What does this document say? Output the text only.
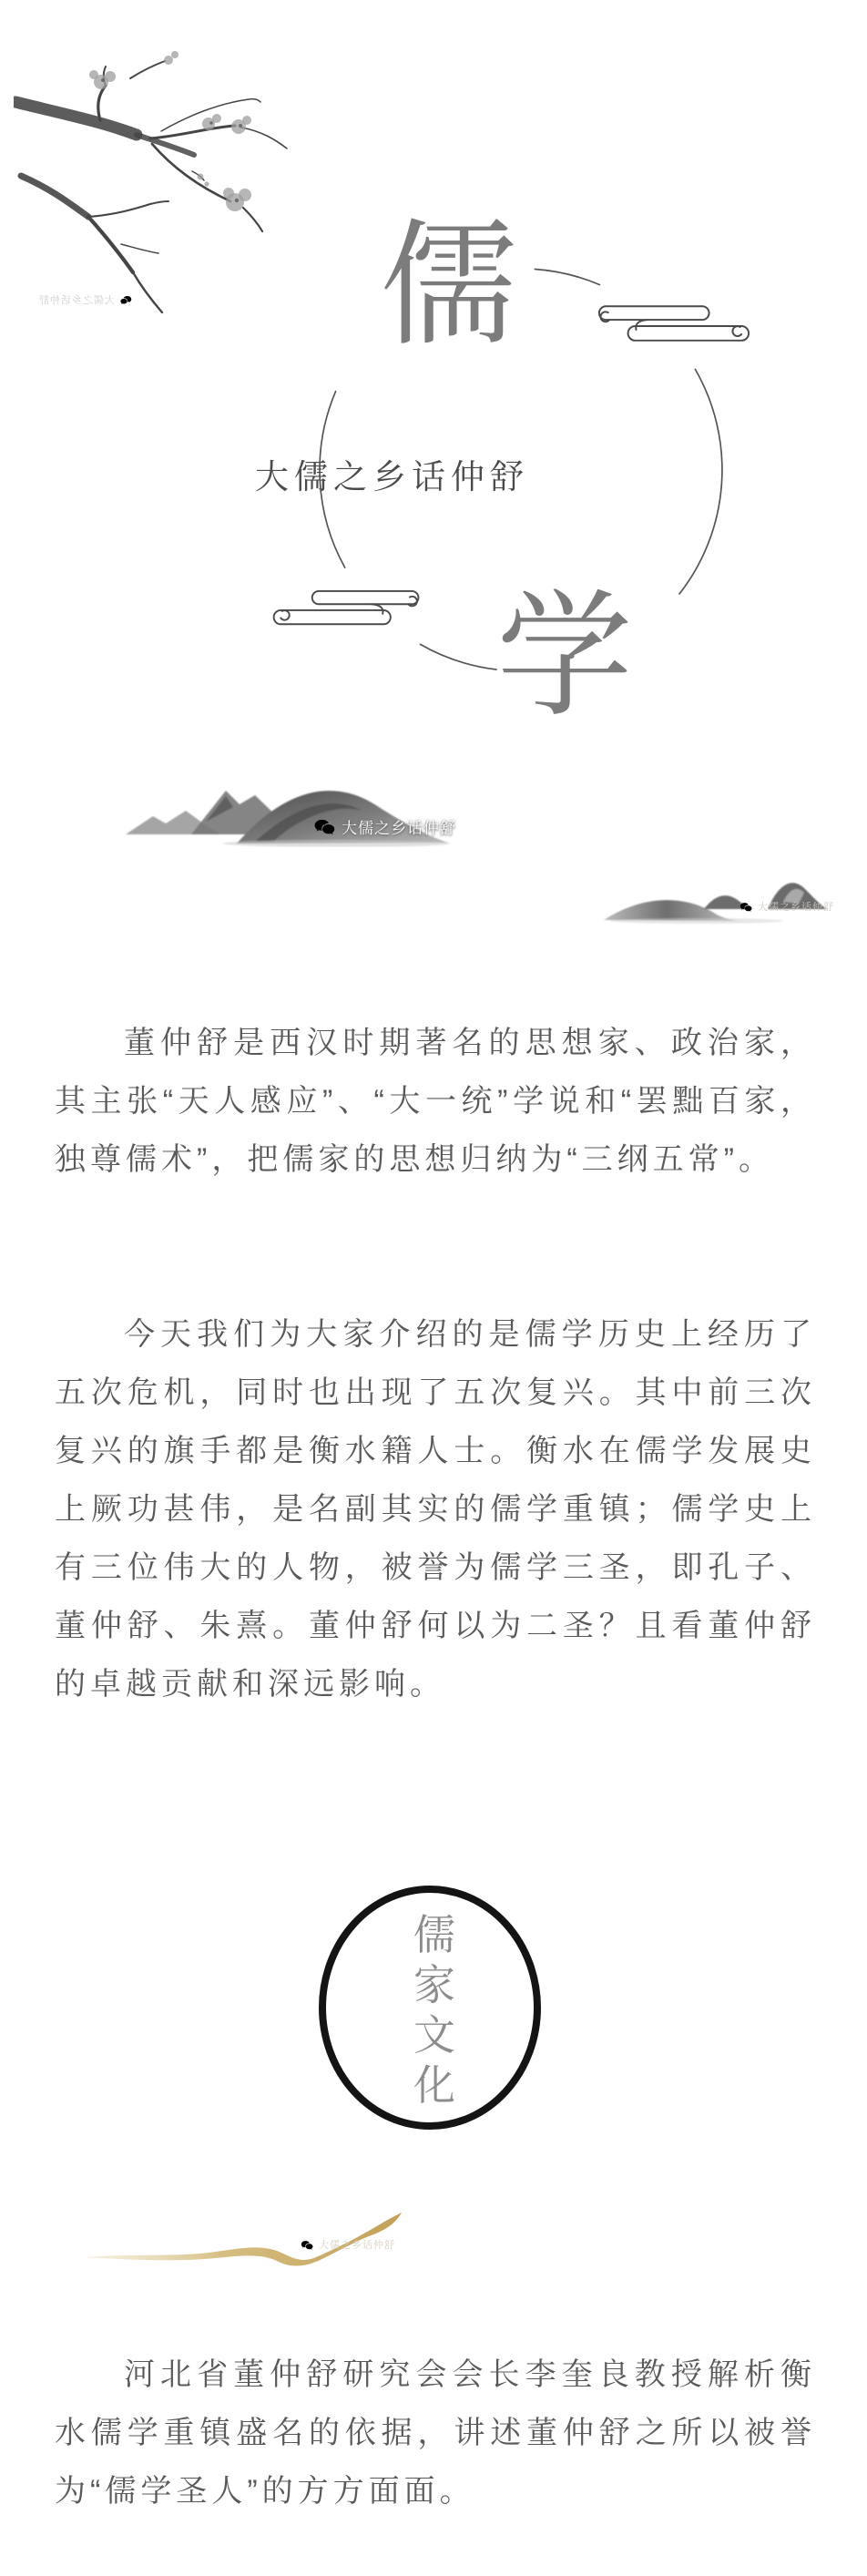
大儒之乡话仲舒 儒
大儒之乡话仲舒
学
大儒之乡话仲舒
大儒之乡话仲舒

董仲舒是西汉时期著名的思想家、政治家，其主张“天人感应”、“大一统”学说和“罢黜百家，独尊儒术”，把儒家的思想归纳为“三纲五常”。

今天我们为大家介绍的是儒学历史上经历了五次危机，同时也出现了五次复兴。其中前三次复兴的旗手都是衡水籍人士。衡水在儒学发展史上厥功甚伟，是名副其实的儒学重镇；儒学史上有三位伟大的人物，被誉为儒学三圣，即孔子、董仲舒、朱熹。董仲舒何以为二圣？且看董仲舒的卓越贡献和深远影响。

儒
家
文
化
大儒之乡话仲舒

河北省董仲舒研究会会长李奎良教授解析衡水儒学重镇盛名的依据，讲述董仲舒之所以被誉为“儒学圣人”的方方面面。
